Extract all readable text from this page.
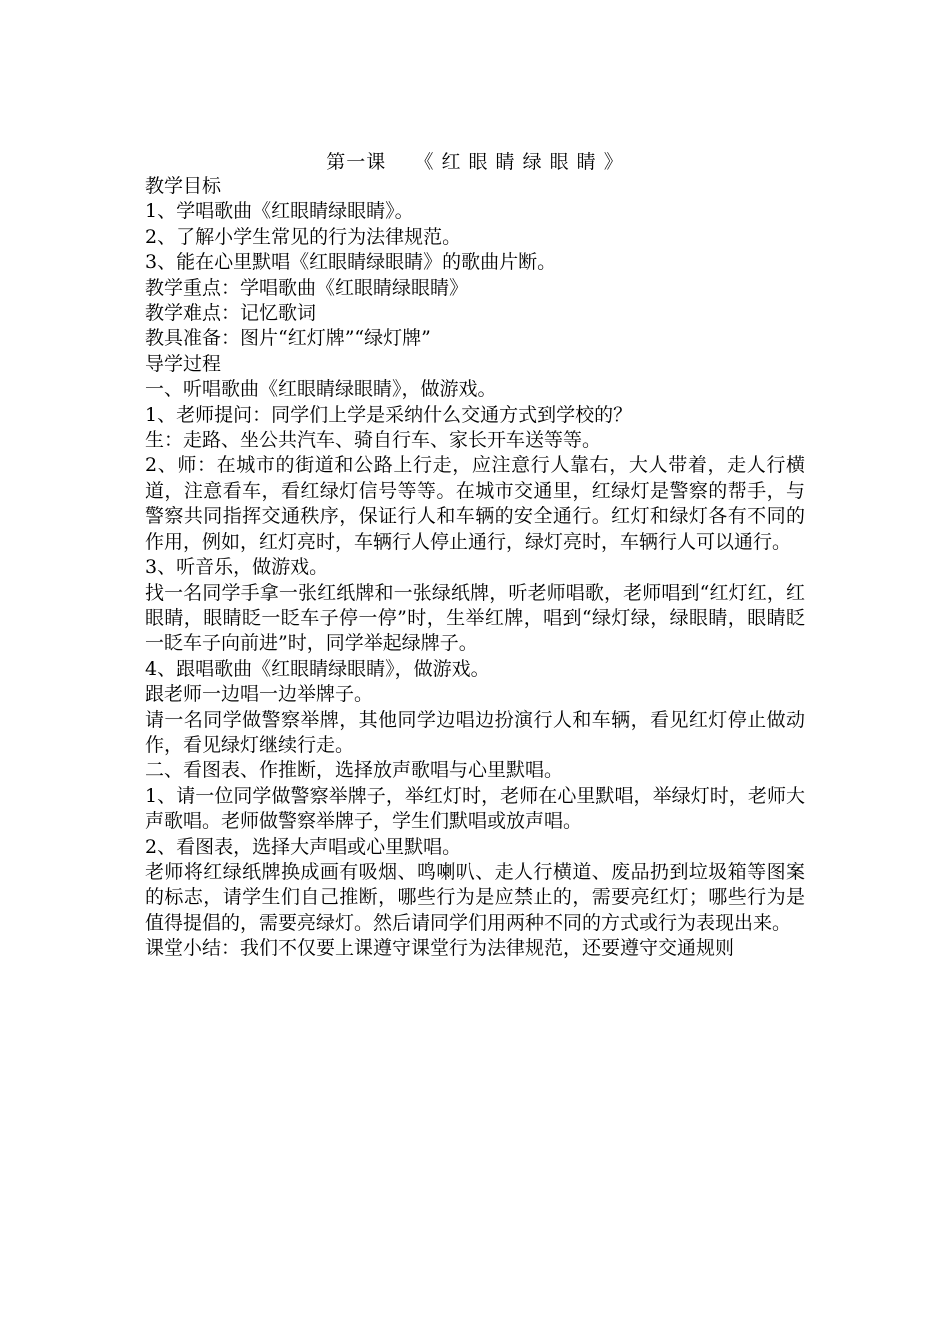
第一课    《 红 眼 睛 绿 眼 睛 》

教学目标

1、学唱歌曲《红眼睛绿眼睛》。

2、了解小学生常见的行为法律规范。

3、能在心里默唱《红眼睛绿眼睛》的歌曲片断。

教学重点：学唱歌曲《红眼睛绿眼睛》

教学难点：记忆歌词

教具准备：图片“红灯牌”“绿灯牌”

导学过程

一、听唱歌曲《红眼睛绿眼睛》，做游戏。

1、老师提问：同学们上学是采纳什么交通方式到学校的？

生：走路、坐公共汽车、骑自行车、家长开车送等等。

2、师：在城市的街道和公路上行走，应注意行人靠右，大人带着，走人行横道，注意看车，看红绿灯信号等等。在城市交通里，红绿灯是警察的帮手，与警察共同指挥交通秩序，保证行人和车辆的安全通行。红灯和绿灯各有不同的作用，例如，红灯亮时，车辆行人停止通行，绿灯亮时，车辆行人可以通行。

3、听音乐，做游戏。

找一名同学手拿一张红纸牌和一张绿纸牌，听老师唱歌，老师唱到“红灯红，红眼睛，眼睛眨一眨车子停一停”时，生举红牌，唱到“绿灯绿，绿眼睛，眼睛眨一眨车子向前进”时，同学举起绿牌子。

4、跟唱歌曲《红眼睛绿眼睛》，做游戏。

跟老师一边唱一边举牌子。

请一名同学做警察举牌，其他同学边唱边扮演行人和车辆，看见红灯停止做动作，看见绿灯继续行走。

二、看图表、作推断，选择放声歌唱与心里默唱。

1、请一位同学做警察举牌子，举红灯时，老师在心里默唱，举绿灯时，老师大声歌唱。老师做警察举牌子，学生们默唱或放声唱。

2、看图表，选择大声唱或心里默唱。

老师将红绿纸牌换成画有吸烟、鸣喇叭、走人行横道、废品扔到垃圾箱等图案的标志，请学生们自己推断，哪些行为是应禁止的，需要亮红灯；哪些行为是值得提倡的，需要亮绿灯。然后请同学们用两种不同的方式或行为表现出来。

课堂小结：我们不仅要上课遵守课堂行为法律规范，还要遵守交通规则
